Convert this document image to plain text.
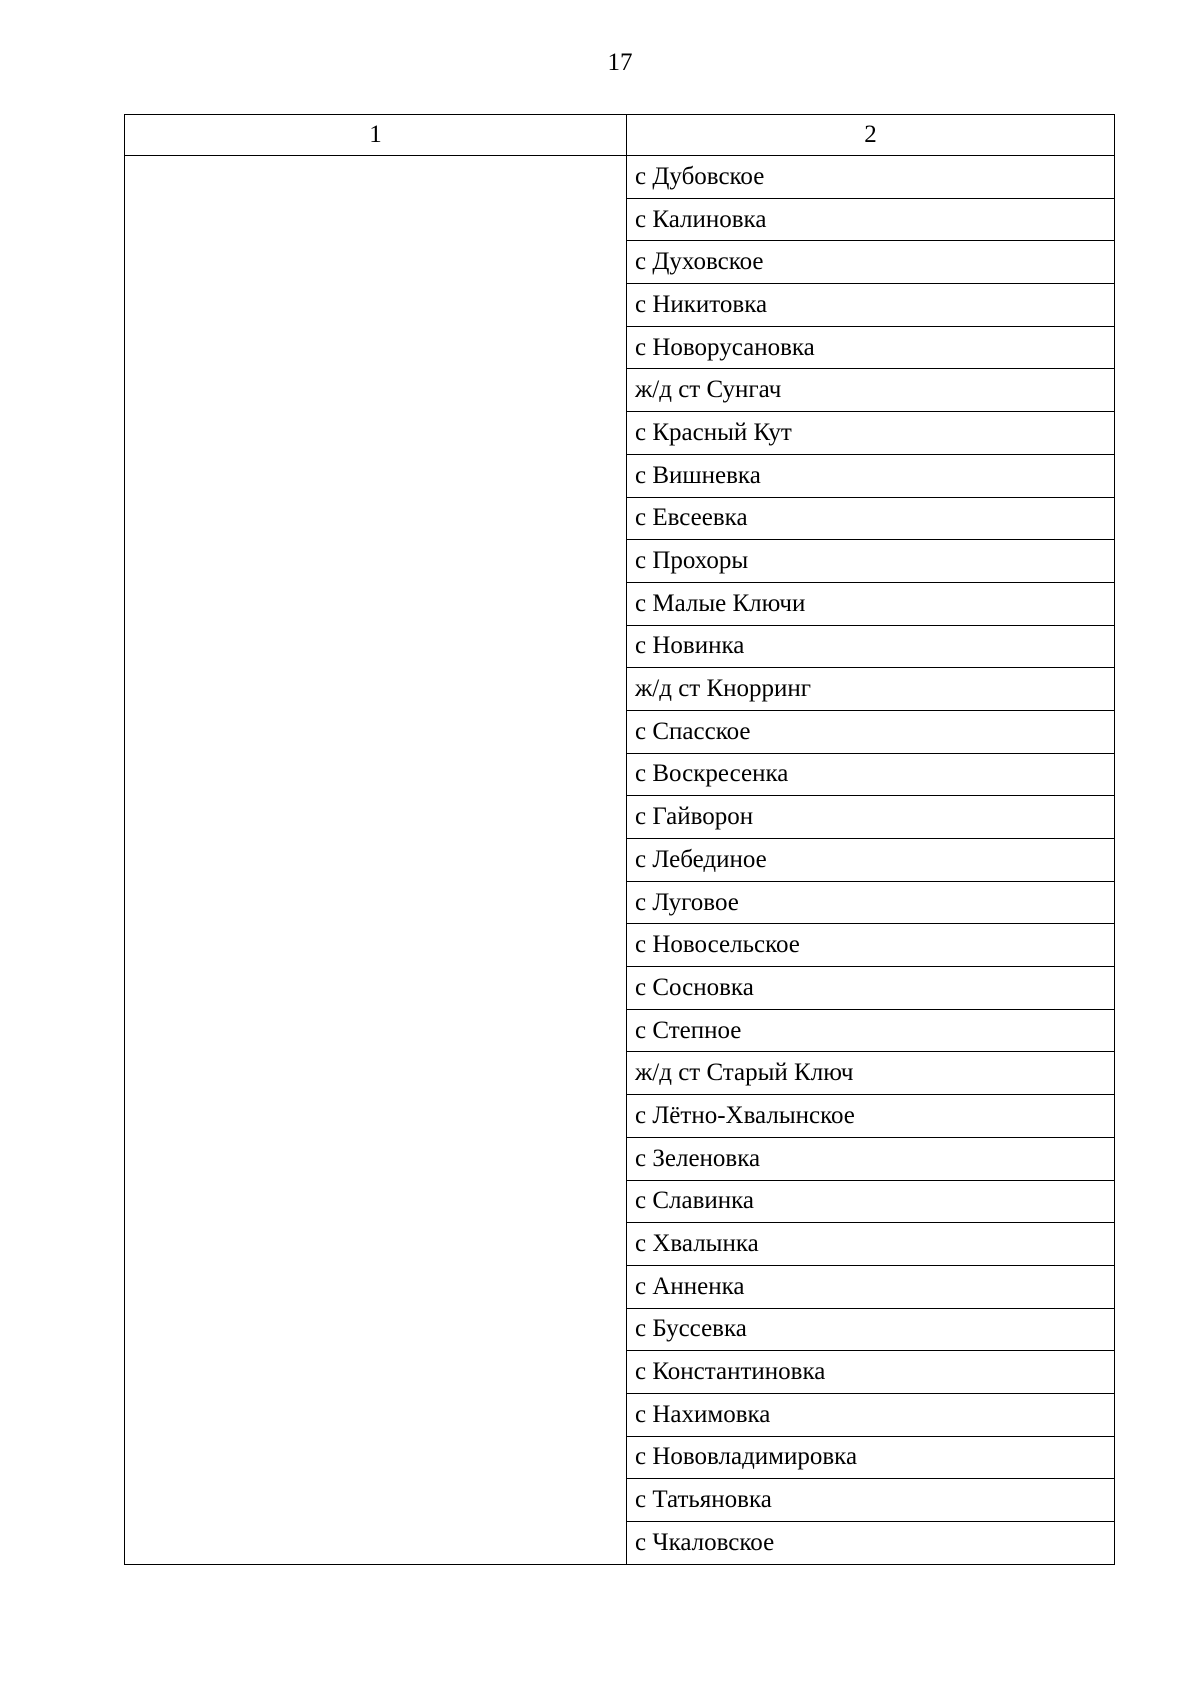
17
1	2
	с Дубовское
	с Калиновка
	с Духовское
	с Никитовка
	с Новорусановка
	ж/д ст Сунгач
	с Красный Кут
	с Вишневка
	с Евсеевка
	с Прохоры
	с Малые Ключи
	с Новинка
	ж/д ст Кнорринг
	с Спасское
	с Воскресенка
	с Гайворон
	с Лебединое
	с Луговое
	с Новосельское
	с Сосновка
	с Степное
	ж/д ст Старый Ключ
	с Лётно-Хвалынское
	с Зеленовка
	с Славинка
	с Хвалынка
	с Анненка
	с Буссевка
	с Константиновка
	с Нахимовка
	с Нововладимировка
	с Татьяновка
	с Чкаловское
